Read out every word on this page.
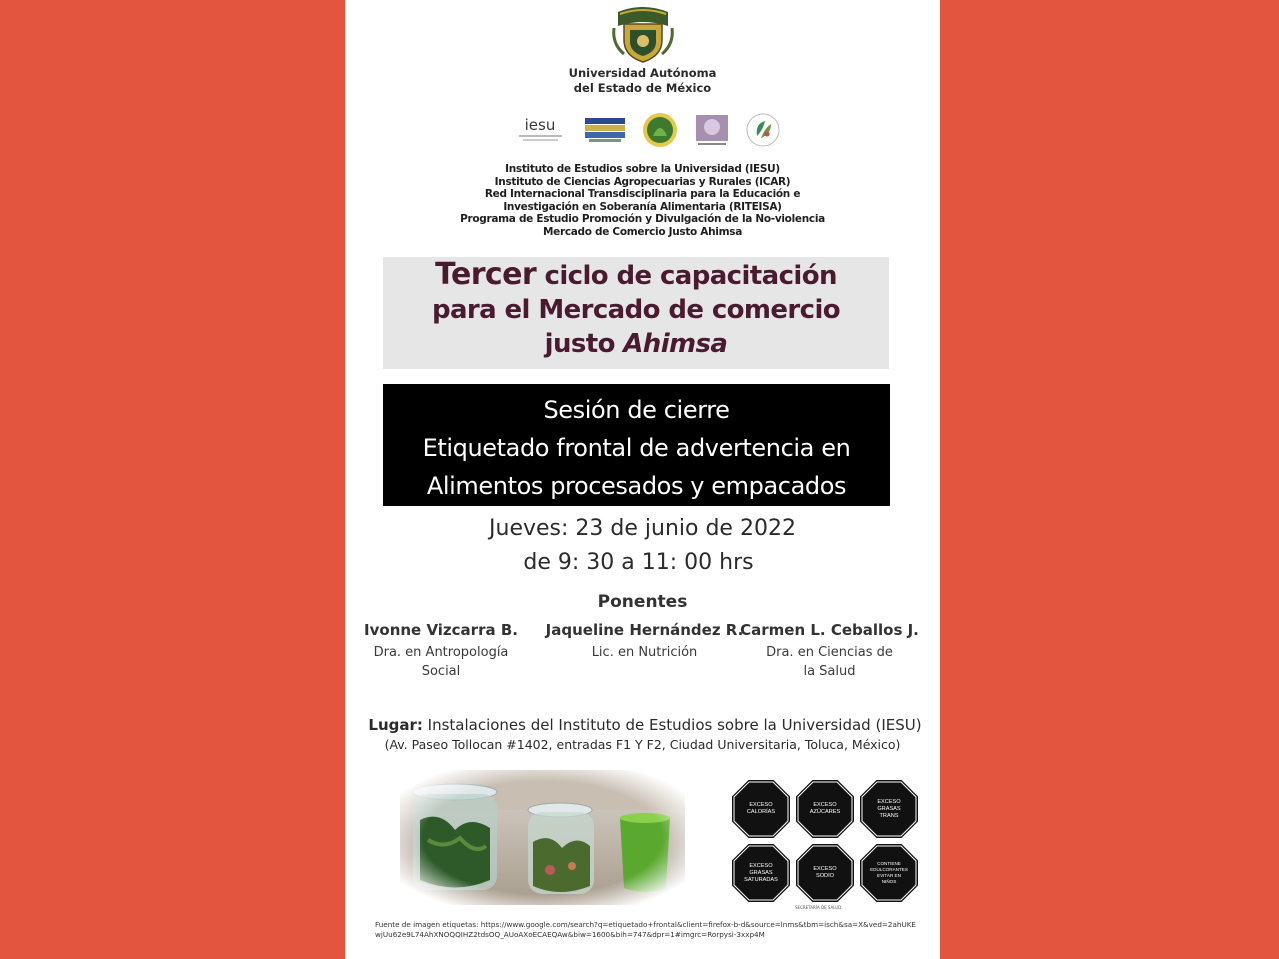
Universidad Autónoma
del Estado de México
iesu
Instituto de Estudios sobre la Universidad (IESU)
Instituto de Ciencias Agropecuarias y Rurales (ICAR)
Red Internacional Transdisciplinaria para la Educación e
Investigación en Soberanía Alimentaria (RITEISA)
Programa de Estudio Promoción y Divulgación de la No-violencia
Mercado de Comercio Justo Ahimsa
Tercer ciclo de capacitación
para el Mercado de comercio
justo Ahimsa
Sesión de cierre
Etiquetado frontal de advertencia en
Alimentos procesados y empacados
Jueves: 23 de junio de 2022
de 9: 30 a 11: 00 hrs
Ponentes
Ivonne Vizcarra B.
Dra. en Antropología
Social
Jaqueline Hernández R.
Lic. en Nutrición
Carmen L. Ceballos J.
Dra. en Ciencias de
la Salud
Lugar: Instalaciones del Instituto de Estudios sobre la Universidad (IESU)
(Av. Paseo Tollocan #1402, entradas F1 Y F2, Ciudad Universitaria, Toluca, México)
EXCESO
CALORÍAS
EXCESO
AZÚCARES
EXCESO
GRASAS
TRANS
EXCESO
GRASAS
SATURADAS
EXCESO
SODIO
CONTIENE EDULCORANTES
EVITAR EN
NIÑOS
SECRETARÍA DE SALUD
Fuente de imagen etiquetas: https://www.google.com/search?q=etiquetado+frontal&client=firefox-b-d&source=lnms&tbm=isch&sa=X&ved=2ahUKEwjUu62e9L74AhXNOQQIHZ2tdsOQ_AUoAXoECAEQAw&biw=1600&bih=747&dpr=1#imgrc=Rorpysi-3xxp4M
